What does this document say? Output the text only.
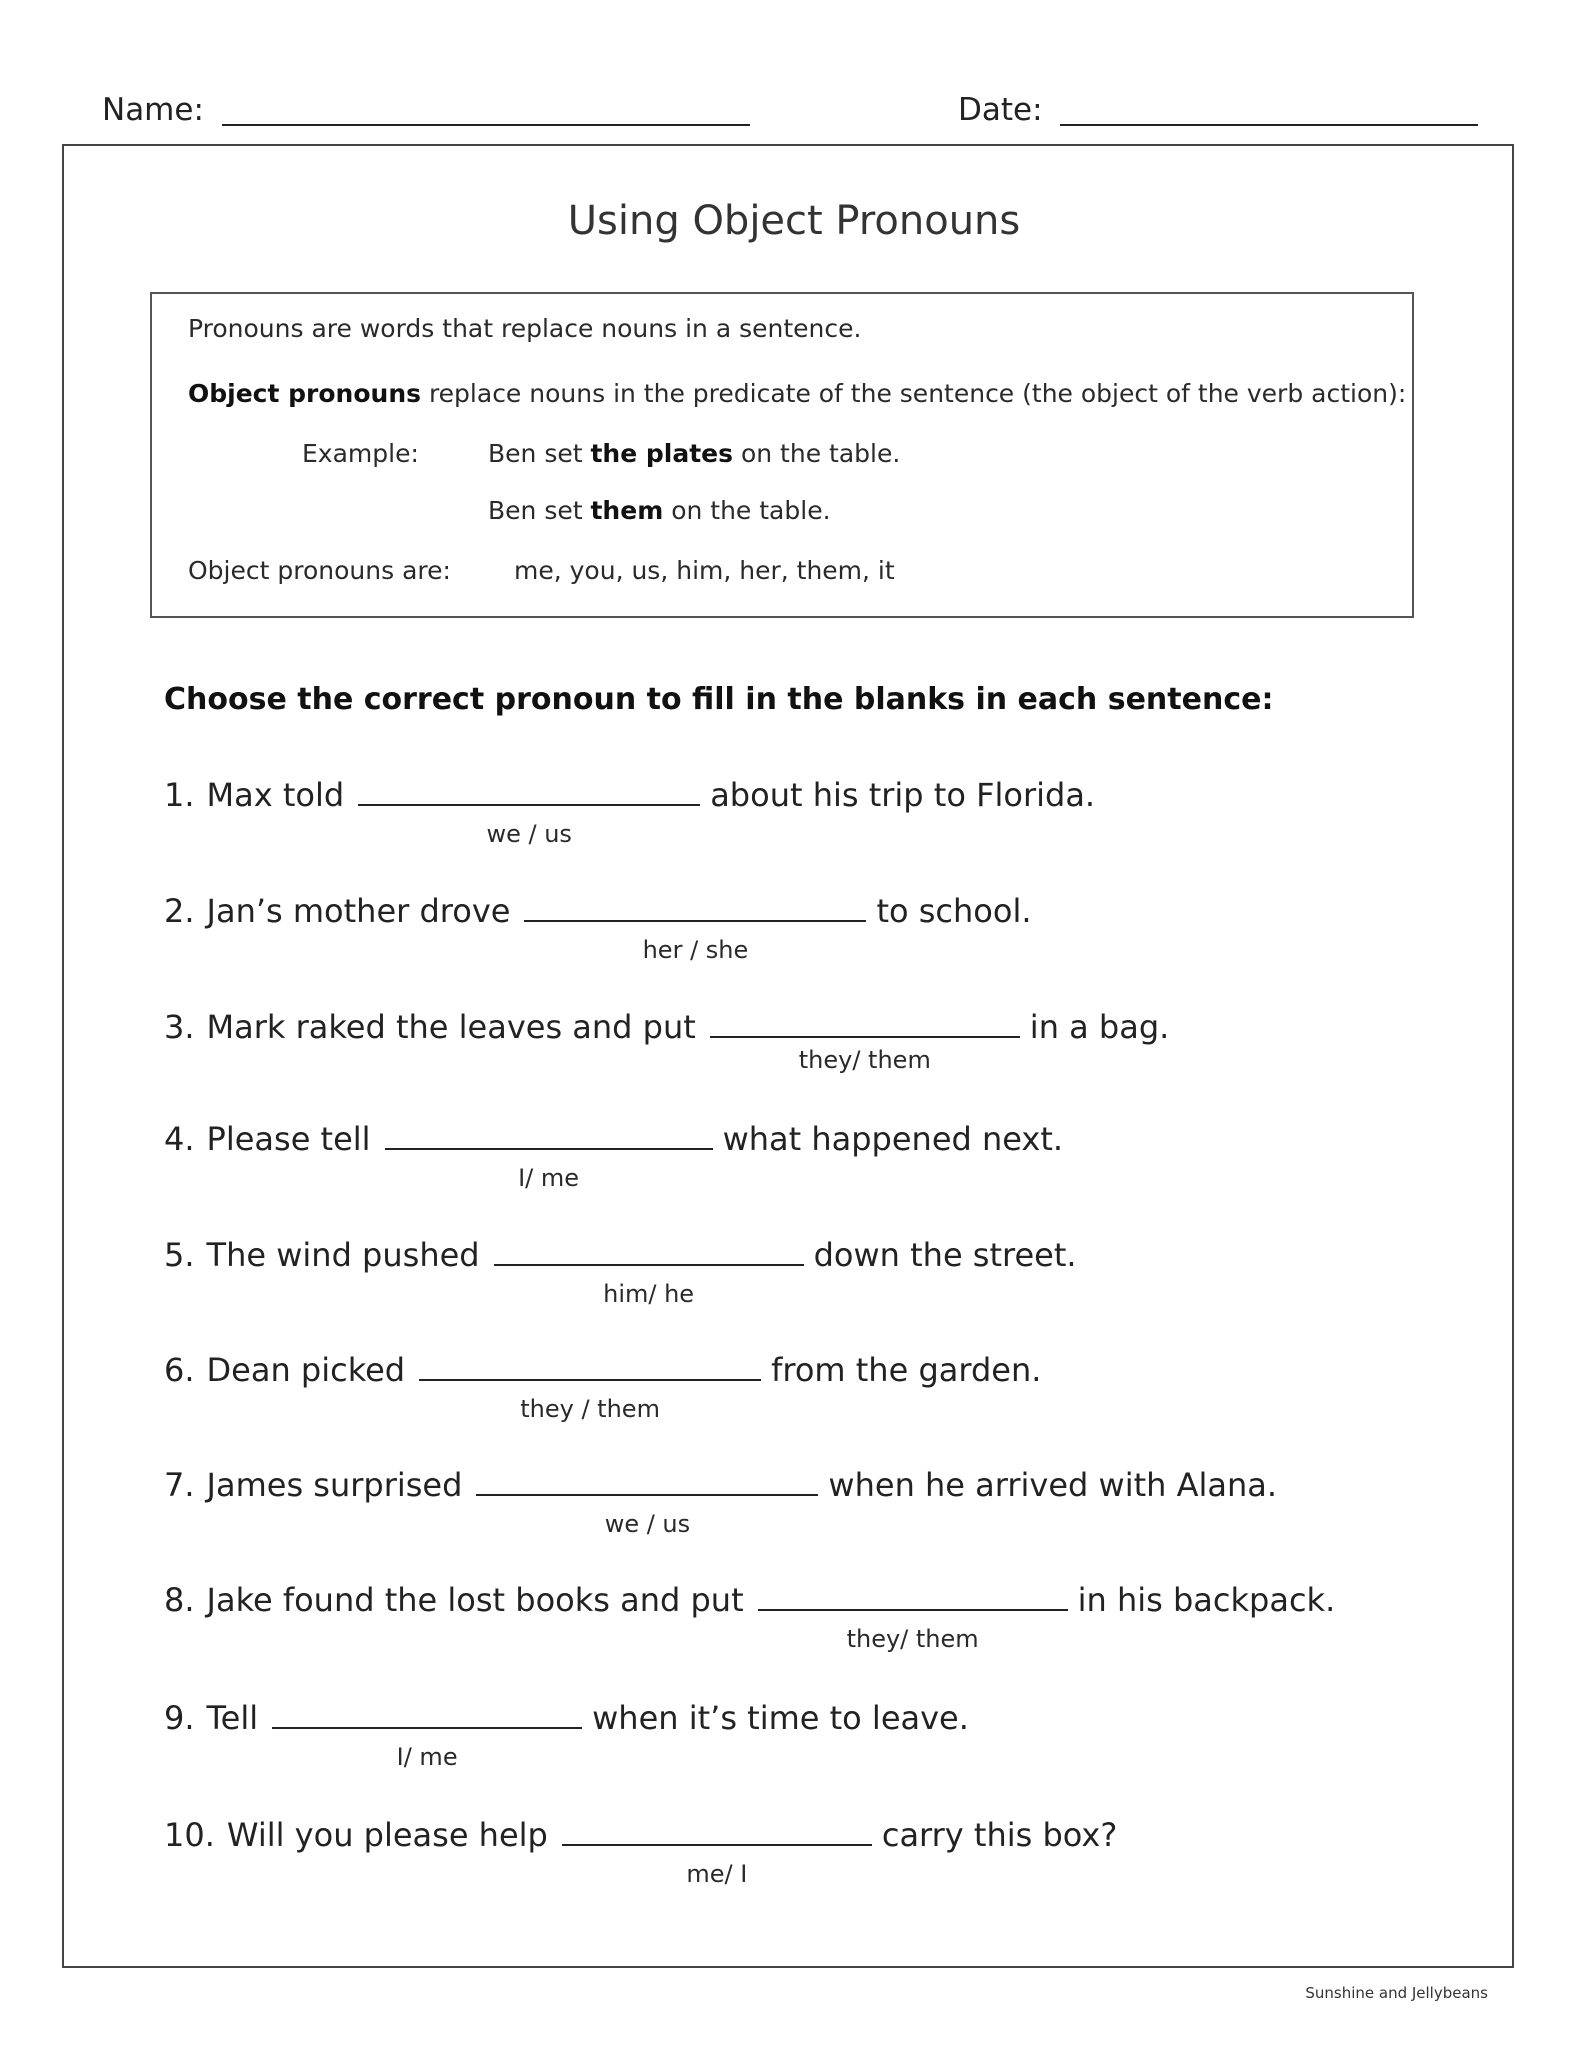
Name:	Date:
Using Object Pronouns
Pronouns are words that replace nouns in a sentence.
Object pronouns replace nouns in the predicate of the sentence (the object of the verb action):
Example:	Ben set the plates on the table.
Ben set them on the table.
Object pronouns are:	me, you, us, him, her, them, it
Choose the correct pronoun to fill in the blanks in each sentence:
1. Max told
we / us
about his trip to Florida.
2. Jan’s mother drove
her / she
to school.
3. Mark raked the leaves and put
they/ them
in a bag.
4. Please tell
I/ me
what happened next.
5. The wind pushed
him/ he
down the street.
6. Dean picked
they / them
from the garden.
7. James surprised
we / us
when he arrived with Alana.
8. Jake found the lost books and put
they/ them
in his backpack.
9. Tell
I/ me
when it’s time to leave.
10. Will you please help
me/ I
carry this box?
Sunshine and Jellybeans
